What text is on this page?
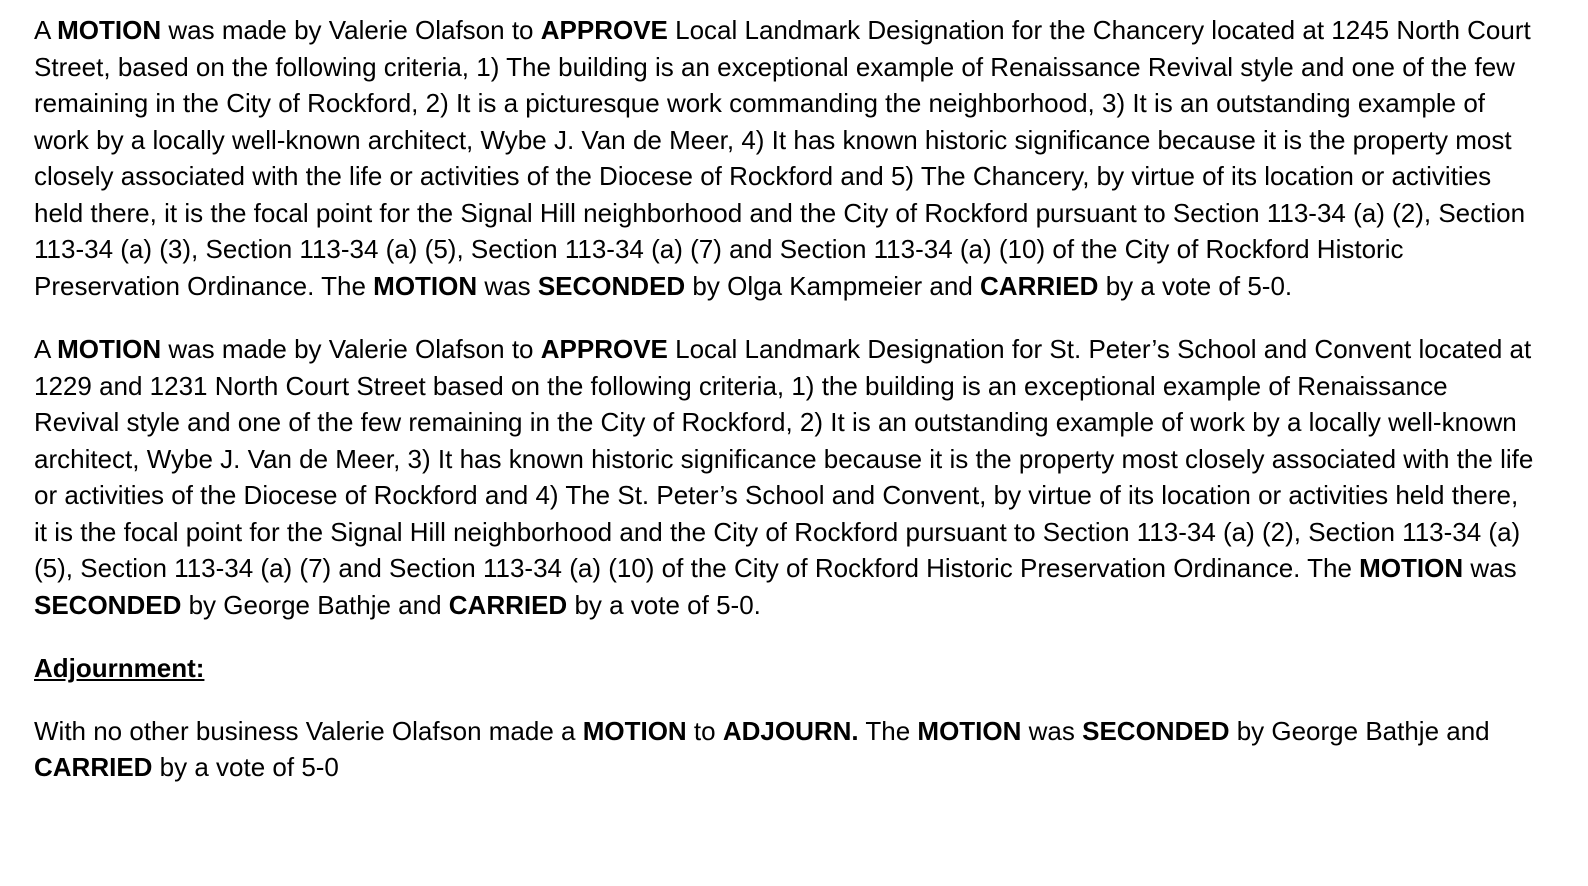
A MOTION was made by Valerie Olafson to APPROVE Local Landmark Designation for the Chancery located at 1245 North Court Street, based on the following criteria, 1) The building is an exceptional example of Renaissance Revival style and one of the few remaining in the City of Rockford, 2) It is a picturesque work commanding the neighborhood, 3) It is an outstanding example of work by a locally well-known architect, Wybe J. Van de Meer, 4) It has known historic significance because it is the property most closely associated with the life or activities of the Diocese of Rockford and 5) The Chancery, by virtue of its location or activities held there, it is the focal point for the Signal Hill neighborhood and the City of Rockford pursuant to Section 113-34 (a) (2), Section 113-34 (a) (3), Section 113-34 (a) (5), Section 113-34 (a) (7) and Section 113-34 (a) (10) of the City of Rockford Historic Preservation Ordinance. The MOTION was SECONDED by Olga Kampmeier and CARRIED by a vote of 5-0.

A MOTION was made by Valerie Olafson to APPROVE Local Landmark Designation for St. Peter’s School and Convent located at 1229 and 1231 North Court Street based on the following criteria, 1) the building is an exceptional example of Renaissance Revival style and one of the few remaining in the City of Rockford, 2) It is an outstanding example of work by a locally well-known architect, Wybe J. Van de Meer, 3) It has known historic significance because it is the property most closely associated with the life or activities of the Diocese of Rockford and 4) The St. Peter’s School and Convent, by virtue of its location or activities held there, it is the focal point for the Signal Hill neighborhood and the City of Rockford pursuant to Section 113-34 (a) (2), Section 113-34 (a) (5), Section 113-34 (a) (7) and Section 113-34 (a) (10) of the City of Rockford Historic Preservation Ordinance. The MOTION was SECONDED by George Bathje and CARRIED by a vote of 5-0.

Adjournment:

With no other business Valerie Olafson made a MOTION to ADJOURN. The MOTION was SECONDED by George Bathje and CARRIED by a vote of 5-0
